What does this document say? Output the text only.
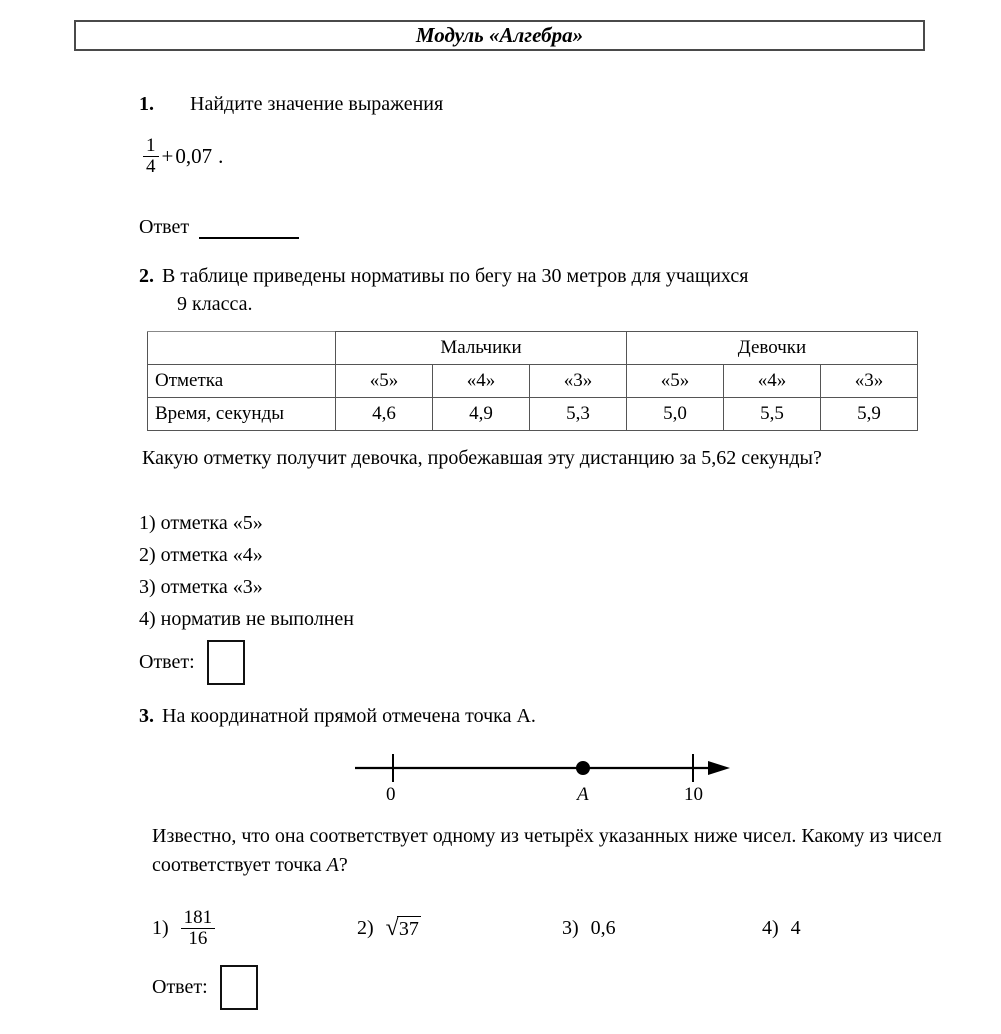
Модуль «Алгебра»
1. Найдите значение выражения
$\frac{1}{4} + 0,07$ .
Ответ
2. В таблице приведены нормативы по бегу на 30 метров для учащихся
9 класса.
	Мальчики			Девочки		
Отметка	«5»	«4»	«3»	«5»	«4»	«3»
Время, секунды	4,6	4,9	5,3	5,0	5,5	5,9
Какую отметку получит девочка, пробежавшая эту дистанцию за 5,62 секунды?
1) отметка «5»
2) отметка «4»
3) отметка «3»
4) норматив не выполнен
Ответ:
3. На координатной прямой отмечена точка А.
0	A	10
Известно, что она соответствует одному из четырёх указанных ниже чисел. Какому из чисел соответствует точка A?
$1) \frac{181}{16}$	2) √ 37	3) 0,6	4) 4
Ответ:
